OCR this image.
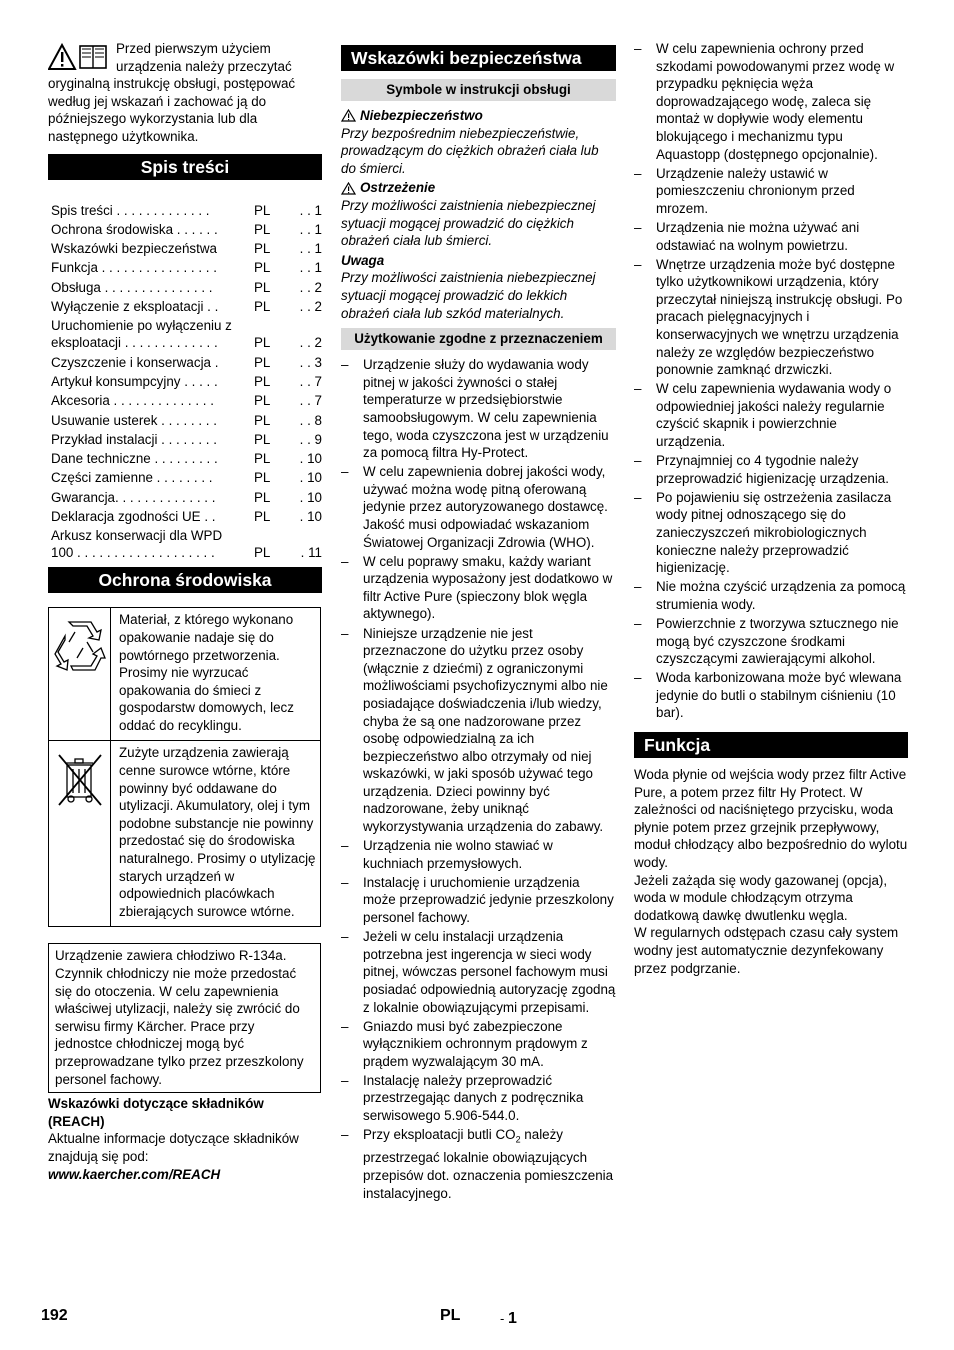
Przed pierwszym użyciem urządzenia należy przeczytać oryginalną instrukcję obsługi, postępować według jej wskazań i zachować ją do późniejszego wykorzystania lub dla następnego użytkownika.

Spis treści
Spis treści . . . . . . . . . . . . .	PL	. . 1
Ochrona środowiska . . . . . .	PL	. . 1
Wskazówki bezpieczeństwa	PL	. . 1
Funkcja . . . . . . . . . . . . . . . .	PL	. . 1
Obsługa . . . . . . . . . . . . . . .	PL	. . 2
Wyłączenie z eksploatacji . .	PL	. . 2
Uruchomienie po wyłączeniu z eksploatacji . . . . . . . . . . . . .	PL	. . 2
Czyszczenie i konserwacja .	PL	. . 3
Artykuł konsumpcyjny . . . . .	PL	. . 7
Akcesoria . . . . . . . . . . . . . .	PL	. . 7
Usuwanie usterek . . . . . . . .	PL	. . 8
Przykład instalacji . . . . . . . .	PL	. . 9
Dane techniczne . . . . . . . . .	PL	. 10
Części zamienne . . . . . . . .	PL	. 10
Gwarancja. . . . . . . . . . . . . .	PL	. 10
Deklaracja zgodności UE . .	PL	. 10
Arkusz konserwacji dla WPD 100 . . . . . . . . . . . . . . . . . . .	PL	. 11
Ochrona środowiska
Materiał, z którego wykonano opakowanie nadaje się do powtórnego przetworzenia. Prosimy nie wyrzucać opakowania do śmieci z gospodarstw domowych, lecz oddać do recyklingu.
Zużyte urządzenia zawierają cenne surowce wtórne, które powinny być oddawane do utylizacji. Akumulatory, olej i tym podobne substancje nie powinny przedostać się do środowiska naturalnego. Prosimy o utylizację starych urządzeń w odpowiednich placówkach zbierających surowce wtórne.

Urządzenie zawiera chłodziwo R-134a. Czynnik chłodniczy nie może przedostać się do otoczenia. W celu zapewnienia właściwej utylizacji, należy się zwrócić do serwisu firmy Kärcher. Prace przy jednostce chłodniczej mogą być przeprowadzane tylko przez przeszkolony personel fachowy.

Wskazówki dotyczące składników (REACH)

Aktualne informacje dotyczące składników znajdują się pod:

www.kaercher.com/REACH

Wskazówki bezpieczeństwa
Symbole w instrukcji obsługi
Niebezpieczeństwo

Przy bezpośrednim niebezpieczeństwie, prowadzącym do ciężkich obrażeń ciała lub do śmierci.

Ostrzeżenie

Przy możliwości zaistnienia niebezpiecznej sytuacji mogącej prowadzić do ciężkich obrażeń ciała lub śmierci.

Uwaga

Przy możliwości zaistnienia niebezpiecznej sytuacji mogącej prowadzić do lekkich obrażeń ciała lub szkód materialnych.

Użytkowanie zgodne z przeznaczeniem
– Urządzenie służy do wydawania wody pitnej w jakości żywności o stałej temperaturze w przedsiębiorstwie samoobsługowym. W celu zapewnienia tego, woda czyszczona jest w urządzeniu za pomocą filtra Hy-Protect.
– W celu zapewnienia dobrej jakości wody, używać można wodę pitną oferowaną jedynie przez autoryzowanego dostawcę. Jakość musi odpowiadać wskazaniom Światowej Organizacji Zdrowia (WHO).
– W celu poprawy smaku, każdy wariant urządzenia wyposażony jest dodatkowo w filtr Active Pure (spieczony blok węgla aktywnego).
– Niniejsze urządzenie nie jest przeznaczone do użytku przez osoby (włącznie z dziećmi) z ograniczonymi możliwościami psychofizycznymi albo nie posiadające doświadczenia i/lub wiedzy, chyba że są one nadzorowane przez osobę odpowiedzialną za ich bezpieczeństwo albo otrzymały od niej wskazówki, w jaki sposób używać tego urządzenia. Dzieci powinny być nadzorowane, żeby uniknąć wykorzystywania urządzenia do zabawy.
– Urządzenia nie wolno stawiać w kuchniach przemysłowych.
– Instalację i uruchomienie urządzenia może przeprowadzić jedynie przeszkolony personel fachowy.
– Jeżeli w celu instalacji urządzenia potrzebna jest ingerencja w sieci wody pitnej, wówczas personel fachowym musi posiadać odpowiednią autoryzację zgodną z lokalnie obowiązującymi przepisami.
– Gniazdo musi być zabezpieczone wyłącznikiem ochronnym prądowym z prądem wyzwalającym 30 mA.
– Instalację należy przeprowadzić przestrzegając danych z podręcznika serwisowego 5.906-544.0.
– Przy eksploatacji butli $CO_2$ należy przestrzegać lokalnie obowiązujących przepisów dot. oznaczenia pomieszczenia instalacyjnego.
– W celu zapewnienia ochrony przed szkodami powodowanymi przez wodę w przypadku pęknięcia węża doprowadzającego wodę, zaleca się montaż w dopływie wody elementu blokującego i mechanizmu typu Aquastopp (dostępnego opcjonalnie).
– Urządzenie należy ustawić w pomieszczeniu chronionym przed mrozem.
– Urządzenia nie można używać ani odstawiać na wolnym powietrzu.
– Wnętrze urządzenia może być dostępne tylko użytkownikowi urządzenia, który przeczytał niniejszą instrukcję obsługi. Po pracach pielęgnacyjnych i konserwacyjnych we wnętrzu urządzenia należy ze względów bezpieczeństwo ponownie zamknąć drzwiczki.
– W celu zapewnienia wydawania wody o odpowiedniej jakości należy regularnie czyścić skapnik i powierzchnie urządzenia.
– Przynajmniej co 4 tygodnie należy przeprowadzić higienizację urządzenia.
– Po pojawieniu się ostrzeżenia zasilacza wody pitnej odnoszącego się do zanieczyszczeń mikrobiologicznych konieczne należy przeprowadzić higienizację.
– Nie można czyścić urządzenia za pomocą strumienia wody.
– Powierzchnie z tworzywa sztucznego nie mogą być czyszczone środkami czyszczącymi zawierającymi alkohol.
– Woda karbonizowana może być wlewana jedynie do butli o stabilnym ciśnieniu (10 bar).
Funkcja

Woda płynie od wejścia wody przez filtr Active Pure, a potem przez filtr Hy Protect. W zależności od naciśniętego przycisku, woda płynie potem przez grzejnik przepływowy, moduł chłodzący albo bezpośrednio do wylotu wody.

Jeżeli zażąda się wody gazowanej (opcja), woda w module chłodzącym otrzyma dodatkową dawkę dwutlenku węgla.

W regularnych odstępach czasu cały system wodny jest automatycznie dezynfekowany przez podgrzanie.

192	PL	- 1
